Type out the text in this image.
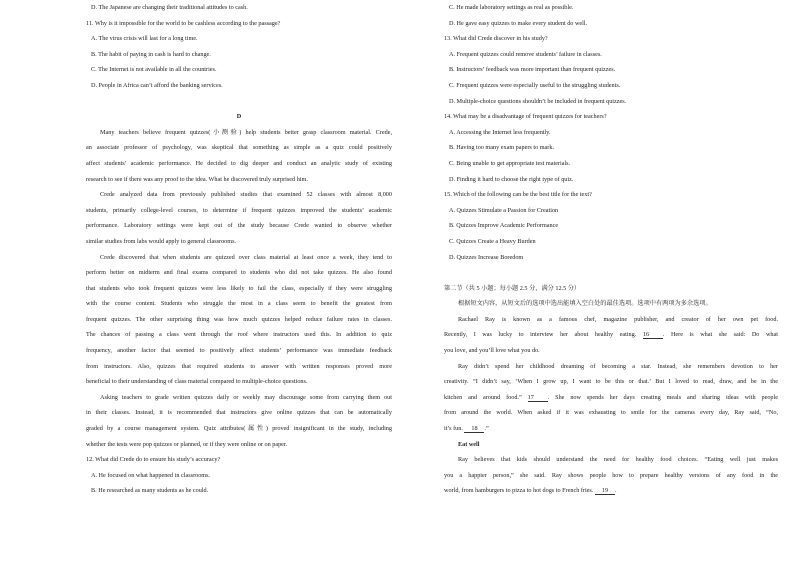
D. The Japanese are changing their traditional attitudes to cash.
11. Why is it impossible for the world to be cashless according to the passage?
A. The virus crisis will last for a long time.
B. The habit of paying in cash is hard to change.
C. The Internet is not available in all the countries.
D. People in Africa can’t afford the banking services.

D
Many teachers believe frequent quizzes(小测验) help students better grasp classroom material. Crede,
an associate professor of psychology, was skeptical that something as simple as a quiz could positively
affect students’ academic performance. He decided to dig deeper and conduct an analytic study of existing
research to see if there was any proof to the idea. What he discovered truly surprised him.
Crede analyzed data from previously published studies that examined 52 classes with almost 8,000
students, primarily college-level courses, to determine if frequent quizzes improved the students’ academic
performance. Laboratory settings were kept out of the study because Crede wanted to observe whether
similar studies from labs would apply to general classrooms.
Crede discovered that when students are quizzed over class material at least once a week, they tend to
perform better on midterm and final exams compared to students who did not take quizzes. He also found
that students who took frequent quizzes were less likely to fail the class, especially if they were struggling
with the course content. Students who struggle the most in a class seem to benefit the greatest from
frequent quizzes. The other surprising thing was how much quizzes helped reduce failure rates in classes.
The chances of passing a class went through the roof where instructors used this. In addition to quiz
frequency, another factor that seemed to positively affect students’ performance was immediate feedback
from instructors. Also, quizzes that required students to answer with written responses proved more
beneficial to their understanding of class material compared to multiple-choice questions.
Asking teachers to grade written quizzes daily or weekly may discourage some from carrying them out
in their classes. Instead, it is recommended that instructors give online quizzes that can be automatically
graded by a course management system. Quiz attributes(属性) proved insignificant in the study, including
whether the tests were pop quizzes or planned, or if they were online or on paper.
12. What did Crede do to ensure his study’s accuracy?
A. He focused on what happened in classrooms.
B. He researched as many students as he could.
C. He made laboratory settings as real as possible.
D. He gave easy quizzes to make every student do well.
13. What did Crede discover in his study?
A. Frequent quizzes could remove students’ failure in classes.
B. Instructors’ feedback was more important than frequent quizzes.
C. Frequent quizzes were especially useful to the struggling students.
D. Multiple-choice questions shouldn’t be included in frequent quizzes.
14. What may be a disadvantage of frequent quizzes for teachers?
A. Accessing the Internet less frequently.
B. Having too many exam papers to mark.
C. Being unable to get appropriate test materials.
D. Finding it hard to choose the right type of quiz.
15. Which of the following can be the best title for the text?
A. Quizzes Stimulate a Passion for Creation
B. Quizzes Improve Academic Performance
C. Quizzes Create a Heavy Burden
D. Quizzes Increase Boredom

第二节（共 5 小题；每小题 2.5 分，满分 12.5 分）
根据短文内容，从短文后的选项中选出能填入空白处的最佳选项。选项中有两项为多余选项。
Rachael Ray is known as a famous chef, magazine publisher, and creator of her own pet food.
Recently, I was lucky to interview her about healthy eating. 16 . Here is what she said: Do what
you love, and you’ll love what you do.
Ray didn’t spend her childhood dreaming of becoming a star. Instead, she remembers devotion to her
creativity. “I didn’t say, ‘When I grow up, I want to be this or that.’ But I loved to read, draw, and be in the
kitchen and around food.” 17 . She now spends her days creating meals and sharing ideas with people
from around the world. When asked if it was exhausting to smile for the cameras every day, Ray said, “No,
it’s fun. 18 .”
Eat well
Ray believes that kids should understand the need for healthy food choices. “Eating well just makes
you a happier person,” she said. Ray shows people how to prepare healthy versions of any food in the
world, from hamburgers to pizza to hot dogs to French fries. 19 .
